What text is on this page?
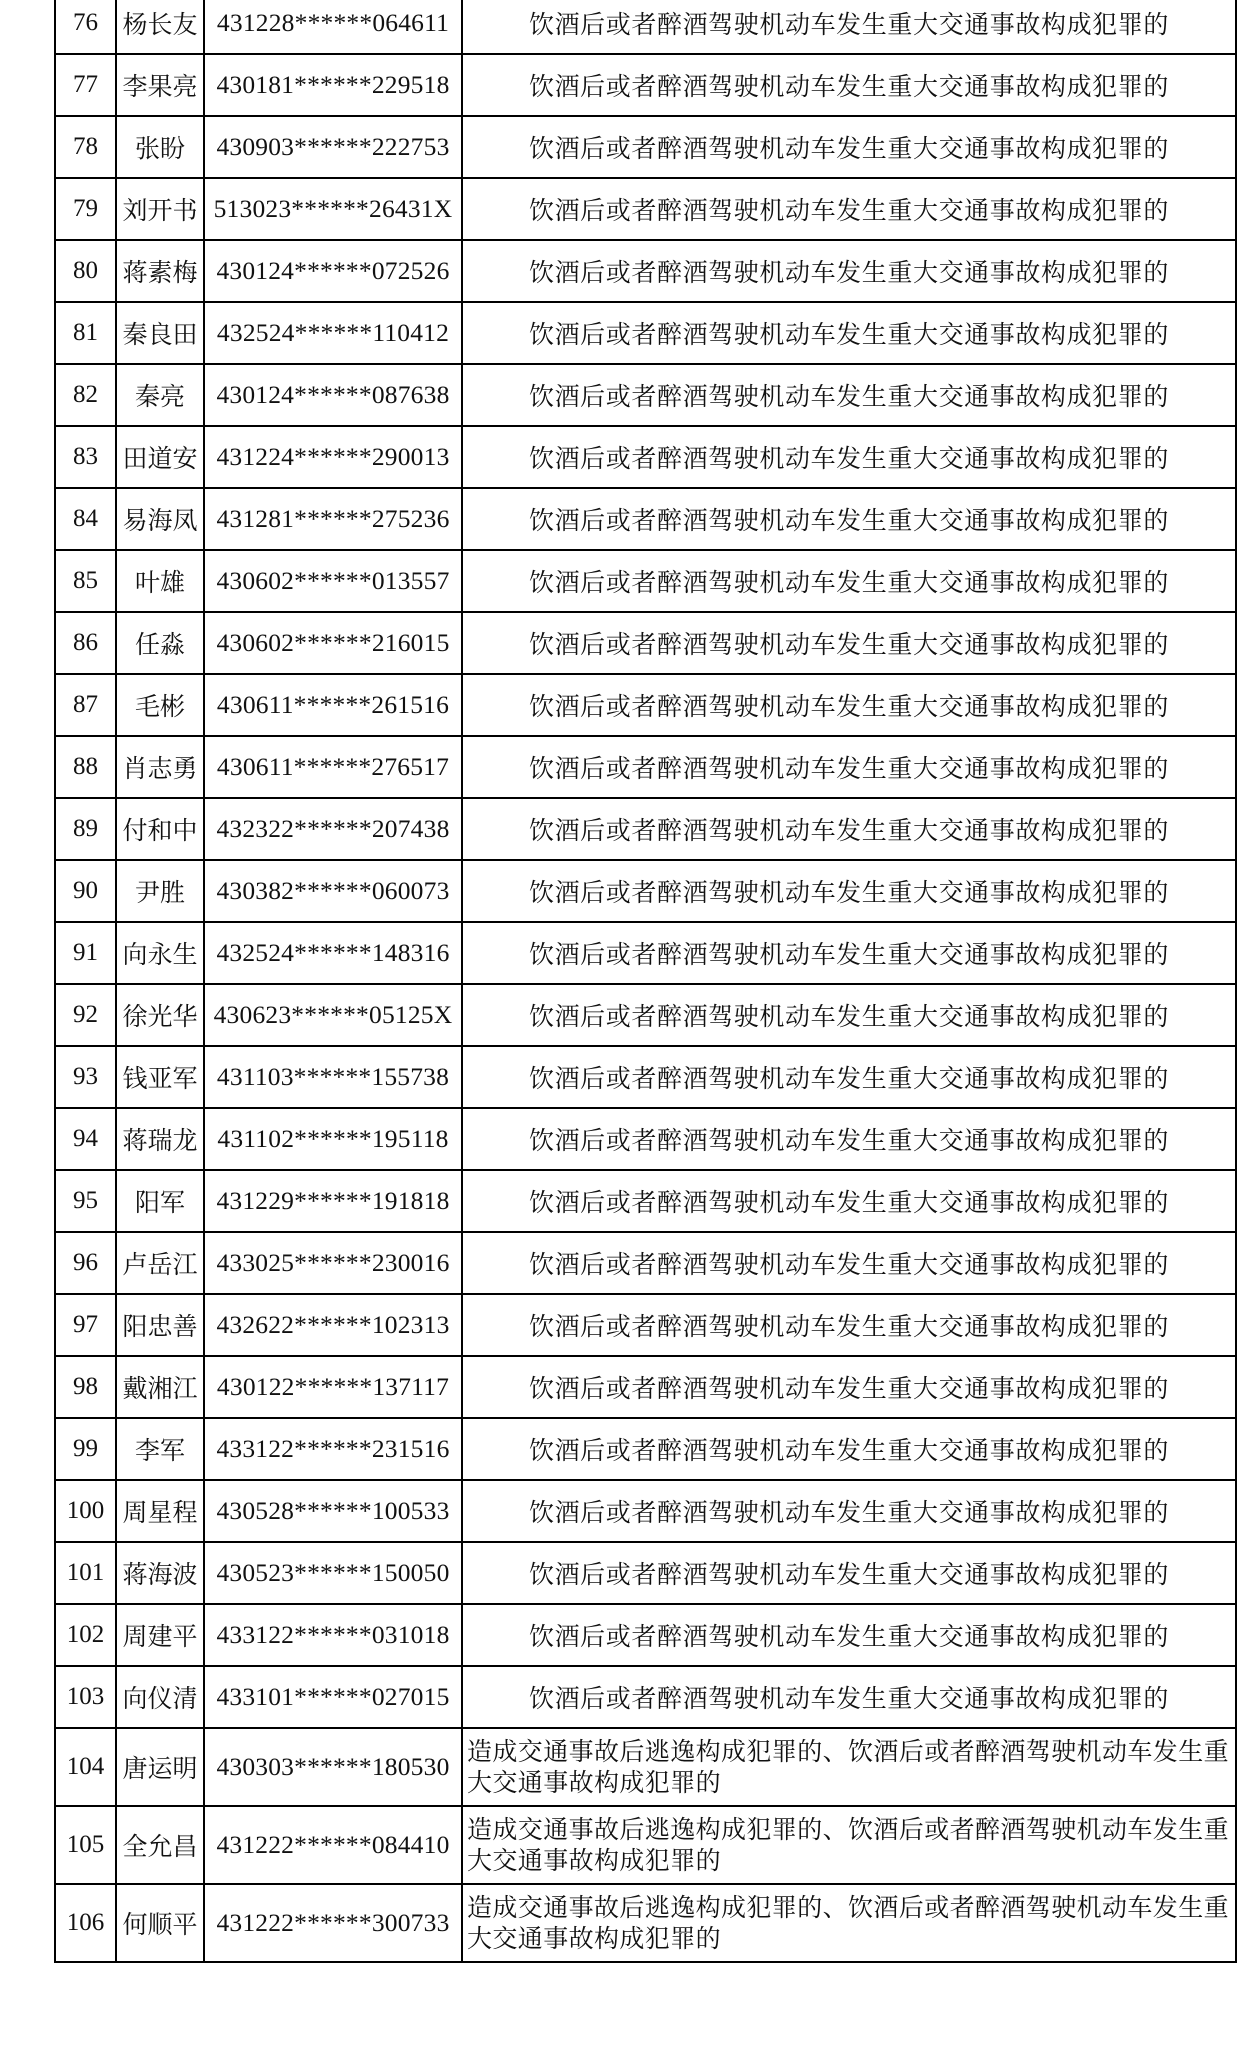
76	杨长友	431228******064611	饮酒后或者醉酒驾驶机动车发生重大交通事故构成犯罪的
77	李果亮	430181******229518	饮酒后或者醉酒驾驶机动车发生重大交通事故构成犯罪的
78	张盼	430903******222753	饮酒后或者醉酒驾驶机动车发生重大交通事故构成犯罪的
79	刘开书	513023******26431X	饮酒后或者醉酒驾驶机动车发生重大交通事故构成犯罪的
80	蒋素梅	430124******072526	饮酒后或者醉酒驾驶机动车发生重大交通事故构成犯罪的
81	秦良田	432524******110412	饮酒后或者醉酒驾驶机动车发生重大交通事故构成犯罪的
82	秦亮	430124******087638	饮酒后或者醉酒驾驶机动车发生重大交通事故构成犯罪的
83	田道安	431224******290013	饮酒后或者醉酒驾驶机动车发生重大交通事故构成犯罪的
84	易海凤	431281******275236	饮酒后或者醉酒驾驶机动车发生重大交通事故构成犯罪的
85	叶雄	430602******013557	饮酒后或者醉酒驾驶机动车发生重大交通事故构成犯罪的
86	任淼	430602******216015	饮酒后或者醉酒驾驶机动车发生重大交通事故构成犯罪的
87	毛彬	430611******261516	饮酒后或者醉酒驾驶机动车发生重大交通事故构成犯罪的
88	肖志勇	430611******276517	饮酒后或者醉酒驾驶机动车发生重大交通事故构成犯罪的
89	付和中	432322******207438	饮酒后或者醉酒驾驶机动车发生重大交通事故构成犯罪的
90	尹胜	430382******060073	饮酒后或者醉酒驾驶机动车发生重大交通事故构成犯罪的
91	向永生	432524******148316	饮酒后或者醉酒驾驶机动车发生重大交通事故构成犯罪的
92	徐光华	430623******05125X	饮酒后或者醉酒驾驶机动车发生重大交通事故构成犯罪的
93	钱亚军	431103******155738	饮酒后或者醉酒驾驶机动车发生重大交通事故构成犯罪的
94	蒋瑞龙	431102******195118	饮酒后或者醉酒驾驶机动车发生重大交通事故构成犯罪的
95	阳军	431229******191818	饮酒后或者醉酒驾驶机动车发生重大交通事故构成犯罪的
96	卢岳江	433025******230016	饮酒后或者醉酒驾驶机动车发生重大交通事故构成犯罪的
97	阳忠善	432622******102313	饮酒后或者醉酒驾驶机动车发生重大交通事故构成犯罪的
98	戴湘江	430122******137117	饮酒后或者醉酒驾驶机动车发生重大交通事故构成犯罪的
99	李军	433122******231516	饮酒后或者醉酒驾驶机动车发生重大交通事故构成犯罪的
100	周星程	430528******100533	饮酒后或者醉酒驾驶机动车发生重大交通事故构成犯罪的
101	蒋海波	430523******150050	饮酒后或者醉酒驾驶机动车发生重大交通事故构成犯罪的
102	周建平	433122******031018	饮酒后或者醉酒驾驶机动车发生重大交通事故构成犯罪的
103	向仪清	433101******027015	饮酒后或者醉酒驾驶机动车发生重大交通事故构成犯罪的
104	唐运明	430303******180530	造成交通事故后逃逸构成犯罪的、饮酒后或者醉酒驾驶机动车发生重大交通事故构成犯罪的
105	全允昌	431222******084410	造成交通事故后逃逸构成犯罪的、饮酒后或者醉酒驾驶机动车发生重大交通事故构成犯罪的
106	何顺平	431222******300733	造成交通事故后逃逸构成犯罪的、饮酒后或者醉酒驾驶机动车发生重大交通事故构成犯罪的
